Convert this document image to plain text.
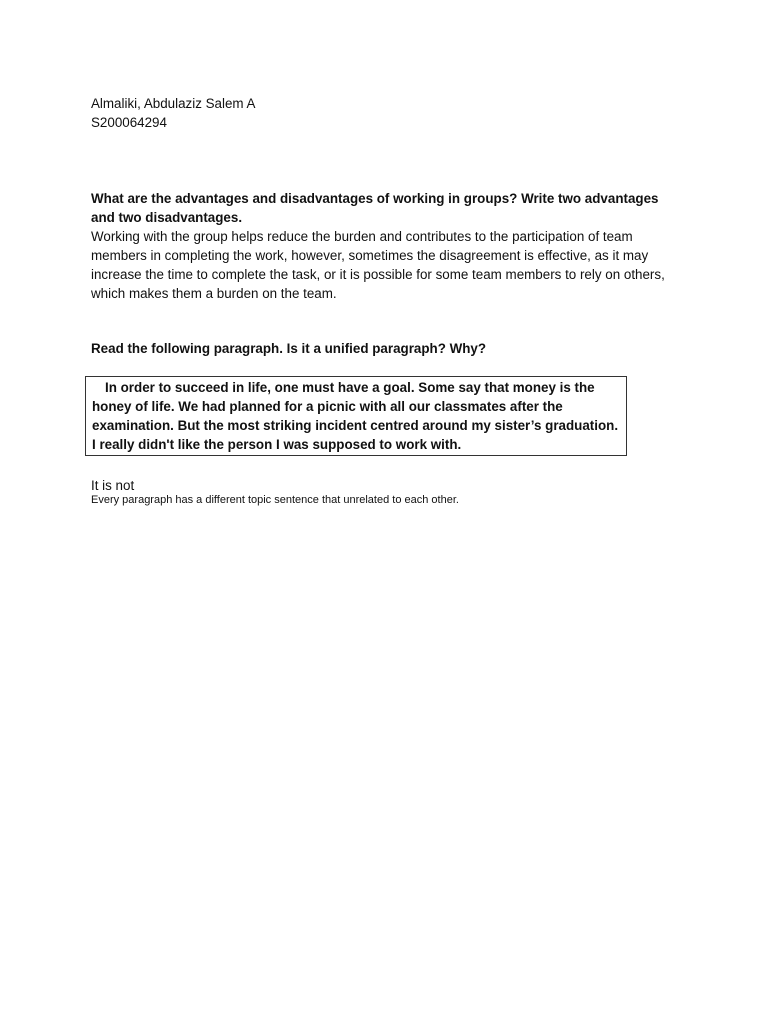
Almaliki, Abdulaziz Salem A
S200064294
What are the advantages and disadvantages of working in groups? Write two advantages and two disadvantages.
Working with the group helps reduce the burden and contributes to the participation of team members in completing the work, however, sometimes the disagreement is effective, as it may increase the time to complete the task, or it is possible for some team members to rely on others, which makes them a burden on the team.
Read the following paragraph. Is it a unified paragraph? Why?
In order to succeed in life, one must have a goal. Some say that money is the honey of life. We had planned for a picnic with all our classmates after the examination. But the most striking incident centred around my sister’s graduation. I really didn't like the person I was supposed to work with.
It is not
Every paragraph has a different topic sentence that unrelated to each other.
